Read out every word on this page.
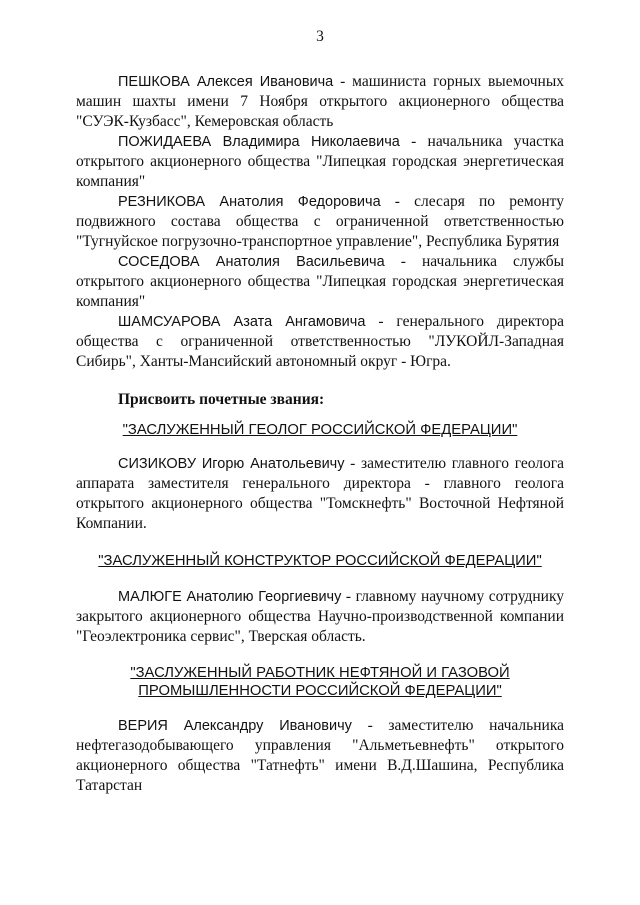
3

ПЕШКОВА Алексея Ивановича - машиниста горных выемочных машин шахты имени 7 Ноября открытого акционерного общества "СУЭК-Кузбасс", Кемеровская область

ПОЖИДАЕВА Владимира Николаевича - начальника участка открытого акционерного общества "Липецкая городская энергетическая компания"

РЕЗНИКОВА Анатолия Федоровича - слесаря по ремонту подвижного состава общества с ограниченной ответственностью "Тугнуйское погрузочно-транспортное управление", Республика Бурятия

СОСЕДОВА Анатолия Васильевича - начальника службы открытого акционерного общества "Липецкая городская энергетическая компания"

ШАМСУАРОВА Азата Ангамовича - генерального директора общества с ограниченной ответственностью "ЛУКОЙЛ-Западная Сибирь", Ханты-Мансийский автономный округ - Югра.

Присвоить почетные звания:
"ЗАСЛУЖЕННЫЙ ГЕОЛОГ РОССИЙСКОЙ ФЕДЕРАЦИИ"

СИЗИКОВУ Игорю Анатольевичу - заместителю главного геолога аппарата заместителя генерального директора - главного геолога открытого акционерного общества "Томскнефть" Восточной Нефтяной Компании.

"ЗАСЛУЖЕННЫЙ КОНСТРУКТОР РОССИЙСКОЙ ФЕДЕРАЦИИ"

МАЛЮГЕ Анатолию Георгиевичу - главному научному сотруднику закрытого акционерного общества Научно-производственной компании "Геоэлектроника сервис", Тверская область.

"ЗАСЛУЖЕННЫЙ РАБОТНИК НЕФТЯНОЙ И ГАЗОВОЙ
ПРОМЫШЛЕННОСТИ РОССИЙСКОЙ ФЕДЕРАЦИИ"

ВЕРИЯ Александру Ивановичу - заместителю начальника нефтегазодобывающего управления "Альметьевнефть" открытого акционерного общества "Татнефть" имени В.Д.Шашина, Республика Татарстан
